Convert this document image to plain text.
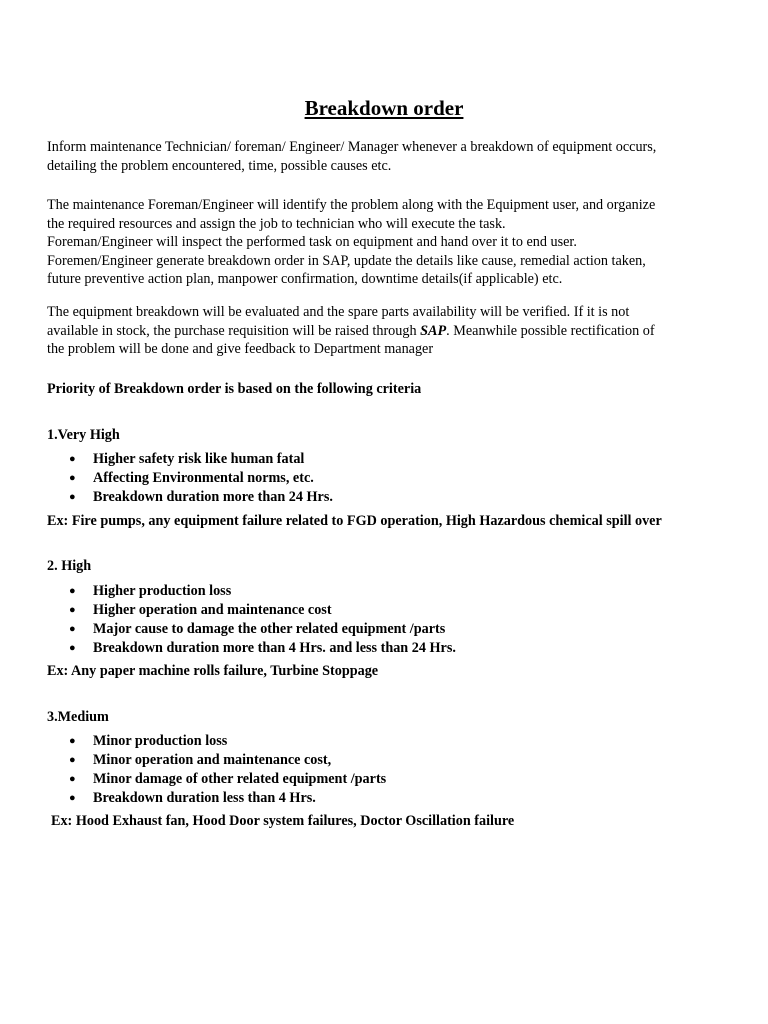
Breakdown order

Inform maintenance Technician/ foreman/ Engineer/ Manager whenever a breakdown of equipment occurs,
detailing the problem encountered, time, possible causes etc.

The maintenance Foreman/Engineer will identify the problem along with the Equipment user, and organize
the required resources and assign the job to technician who will execute the task.
Foreman/Engineer will inspect the performed task on equipment and hand over it to end user.
Foremen/Engineer generate breakdown order in SAP, update the details like cause, remedial action taken,
future preventive action plan, manpower confirmation, downtime details(if applicable) etc.

The equipment breakdown will be evaluated and the spare parts availability will be verified. If it is not
available in stock, the purchase requisition will be raised through SAP. Meanwhile possible rectification of
the problem will be done and give feedback to Department manager

Priority of Breakdown order is based on the following criteria

1.Very High

● Higher safety risk like human fatal
● Affecting Environmental norms, etc.
● Breakdown duration more than 24 Hrs.

Ex: Fire pumps, any equipment failure related to FGD operation, High Hazardous chemical spill over

2. High

● Higher production loss
● Higher operation and maintenance cost
● Major cause to damage the other related equipment /parts
● Breakdown duration more than 4 Hrs. and less than 24 Hrs.

Ex: Any paper machine rolls failure, Turbine Stoppage

3.Medium

● Minor production loss
● Minor operation and maintenance cost,
● Minor damage of other related equipment /parts
● Breakdown duration less than 4 Hrs.

Ex: Hood Exhaust fan, Hood Door system failures, Doctor Oscillation failure
